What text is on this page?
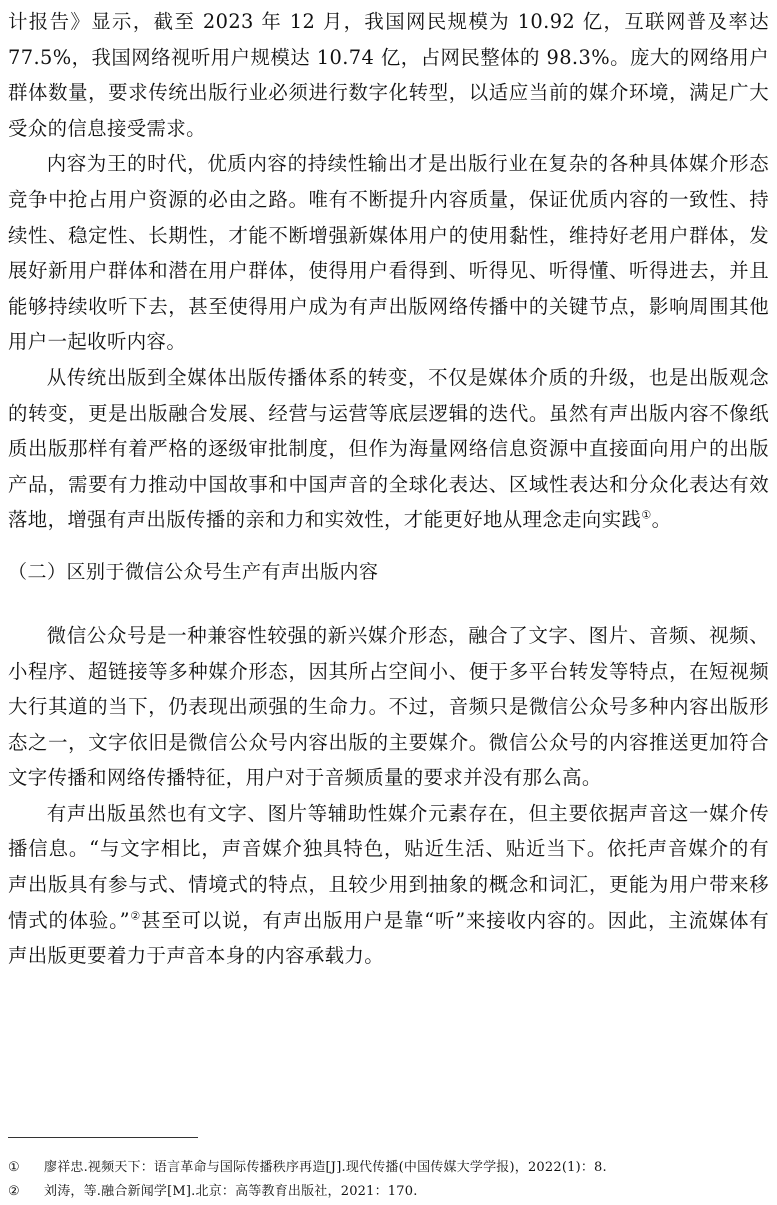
计报告》显示，截至 2023 年 12 月，我国网民规模为 10.92 亿，互联网普及率达 77.5%，我国网络视听用户规模达 10.74 亿，占网民整体的 98.3%。庞大的网络用户群体数量，要求传统出版行业必须进行数字化转型，以适应当前的媒介环境，满足广大受众的信息接受需求。

内容为王的时代，优质内容的持续性输出才是出版行业在复杂的各种具体媒介形态竞争中抢占用户资源的必由之路。唯有不断提升内容质量，保证优质内容的一致性、持续性、稳定性、长期性，才能不断增强新媒体用户的使用黏性，维持好老用户群体，发展好新用户群体和潜在用户群体，使得用户看得到、听得见、听得懂、听得进去，并且能够持续收听下去，甚至使得用户成为有声出版网络传播中的关键节点，影响周围其他用户一起收听内容。

从传统出版到全媒体出版传播体系的转变，不仅是媒体介质的升级，也是出版观念的转变，更是出版融合发展、经营与运营等底层逻辑的迭代。虽然有声出版内容不像纸质出版那样有着严格的逐级审批制度，但作为海量网络信息资源中直接面向用户的出版产品，需要有力推动中国故事和中国声音的全球化表达、区域性表达和分众化表达有效落地，增强有声出版传播的亲和力和实效性，才能更好地从理念走向实践①。

（二）区别于微信公众号生产有声出版内容

微信公众号是一种兼容性较强的新兴媒介形态，融合了文字、图片、音频、视频、小程序、超链接等多种媒介形态，因其所占空间小、便于多平台转发等特点，在短视频大行其道的当下，仍表现出顽强的生命力。不过，音频只是微信公众号多种内容出版形态之一，文字依旧是微信公众号内容出版的主要媒介。微信公众号的内容推送更加符合文字传播和网络传播特征，用户对于音频质量的要求并没有那么高。

有声出版虽然也有文字、图片等辅助性媒介元素存在，但主要依据声音这一媒介传播信息。“与文字相比，声音媒介独具特色，贴近生活、贴近当下。依托声音媒介的有声出版具有参与式、情境式的特点，且较少用到抽象的概念和词汇，更能为用户带来移情式的体验。”②甚至可以说，有声出版用户是靠“听”来接收内容的。因此，主流媒体有声出版更要着力于声音本身的内容承载力。

① 廖祥忠.视频天下：语言革命与国际传播秩序再造[J].现代传播(中国传媒大学学报)，2022(1)：8.

② 刘涛，等.融合新闻学[M].北京：高等教育出版社，2021：170.
